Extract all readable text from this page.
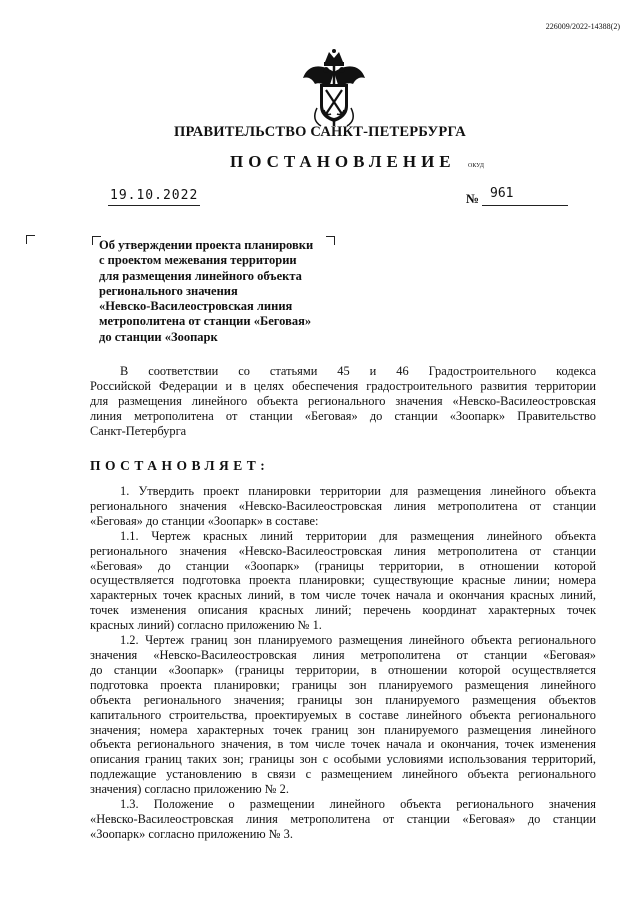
226009/2022-14388(2)
ПРАВИТЕЛЬСТВО САНКТ-ПЕТЕРБУРГА
ПОСТАНОВЛЕНИЕ ОКУД
19.10.2022	№ 961
Об утверждении проекта планировки
с проектом межевания территории
для размещения линейного объекта
регионального значения
«Невско-Василеостровская линия
метрополитена от станции «Беговая»
до станции «Зоопарк
В соответствии со статьями 45 и 46 Градостроительного кодекса
Российской Федерации и в целях обеспечения градостроительного развития территории
для размещения линейного объекта регионального значения «Невско-Василеостровская
линия метрополитена от станции «Беговая» до станции «Зоопарк» Правительство
Санкт-Петербурга
ПОСТАНОВЛЯЕТ:
1. Утвердить проект планировки территории для размещения линейного объекта
регионального значения «Невско-Василеостровская линия метрополитена от станции
«Беговая» до станции «Зоопарк» в составе:
1.1. Чертеж красных линий территории для размещения линейного объекта
регионального значения «Невско-Василеостровская линия метрополитена от станции
«Беговая» до станции «Зоопарк» (границы территории, в отношении которой
осуществляется подготовка проекта планировки; существующие красные линии; номера
характерных точек красных линий, в том числе точек начала и окончания красных линий,
точек изменения описания красных линий; перечень координат характерных точек
красных линий) согласно приложению № 1.
1.2. Чертеж границ зон планируемого размещения линейного объекта регионального
значения «Невско-Василеостровская линия метрополитена от станции «Беговая»
до станции «Зоопарк» (границы территории, в отношении которой осуществляется
подготовка проекта планировки; границы зон планируемого размещения линейного
объекта регионального значения; границы зон планируемого размещения объектов
капитального строительства, проектируемых в составе линейного объекта регионального
значения; номера характерных точек границ зон планируемого размещения линейного
объекта регионального значения, в том числе точек начала и окончания, точек изменения
описания границ таких зон; границы зон с особыми условиями использования территорий,
подлежащие установлению в связи с размещением линейного объекта регионального
значения) согласно приложению № 2.
1.3. Положение о размещении линейного объекта регионального значения
«Невско-Василеостровская линия метрополитена от станции «Беговая» до станции
«Зоопарк» согласно приложению № 3.
